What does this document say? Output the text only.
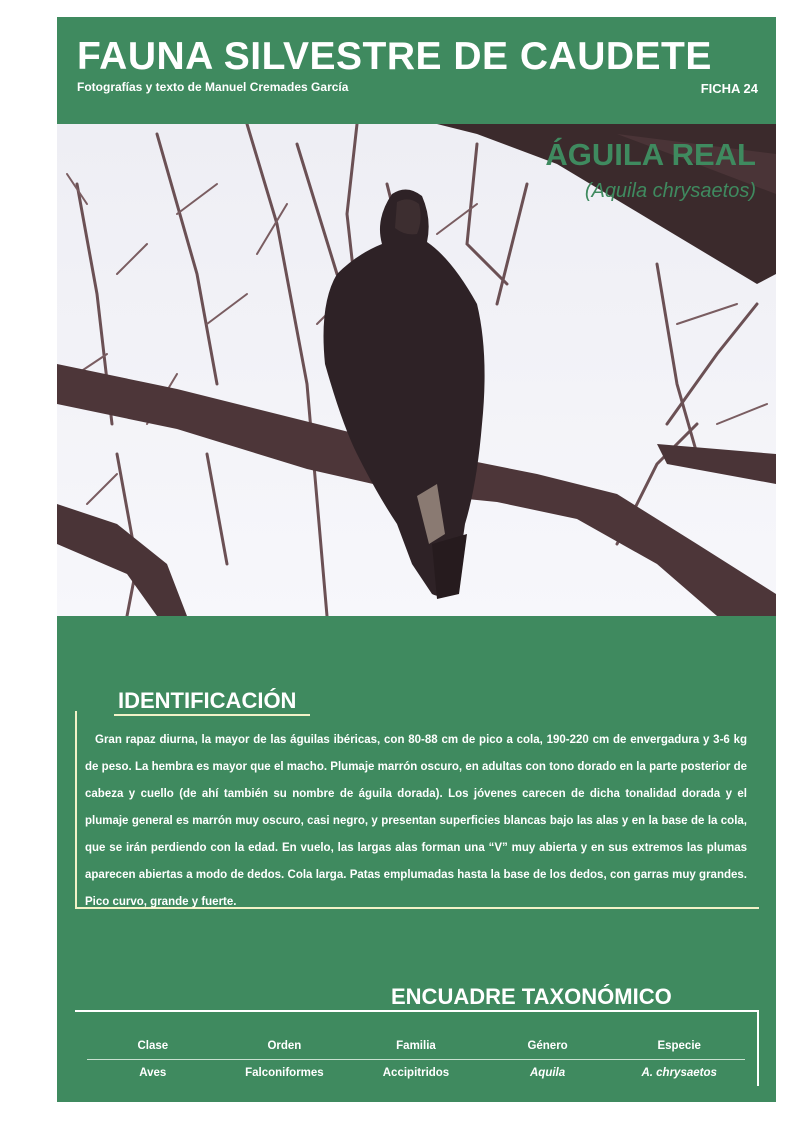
FAUNA SILVESTRE DE CAUDETE
Fotografías y texto de Manuel Cremades García	FICHA 24
ÁGUILA REAL
(Aquila chrysaetos)
IDENTIFICACIÓN
Gran rapaz diurna, la mayor de las águilas ibéricas, con 80-88 cm de pico a cola, 190-220 cm de envergadura y 3-6 kg de peso. La hembra es mayor que el macho. Plumaje marrón oscuro, en adultas con tono dorado en la parte posterior de cabeza y cuello (de ahí también su nombre de águila dorada). Los jóvenes carecen de dicha tonalidad dorada y el plumaje general es marrón muy oscuro, casi negro, y presentan superficies blancas bajo las alas y en la base de la cola, que se irán perdiendo con la edad. En vuelo, las largas alas forman una “V” muy abierta y en sus extremos las plumas aparecen abiertas a modo de dedos. Cola larga. Patas emplumadas hasta la base de los dedos, con garras muy grandes. Pico curvo, grande y fuerte.
ENCUADRE TAXONÓMICO
Clase	Orden	Familia	Género	Especie
Aves	Falconiformes	Accipitridos	Aquila	A. chrysaetos
